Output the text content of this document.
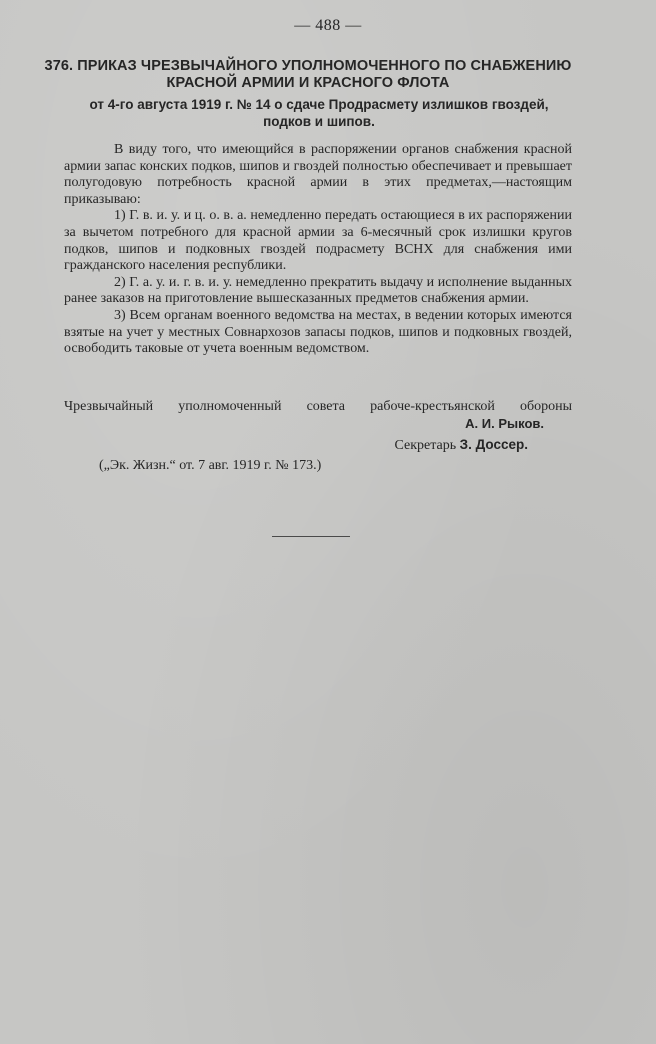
— 488 —
376. ПРИКАЗ ЧРЕЗВЫЧАЙНОГО УПОЛНОМОЧЕННОГО ПО СНАБЖЕНИЮ КРАСНОЙ АРМИИ И КРАСНОГО ФЛОТА
от 4-го августа 1919 г. № 14 о сдаче Продрасмету излишков гвоздей, подков и шипов.

В виду того, что имеющийся в распоряжении органов снабжения красной армии запас конских подков, шипов и гвоздей полностью обеспечивает и превышает полугодовую потребность красной армии в этих предметах,—настоящим приказываю:

1) Г. в. и. у. и ц. о. в. а. немедленно передать остающиеся в их распоряжении за вычетом потребного для красной армии за 6-месячный срок излишки кругов подков, шипов и подковных гвоздей подрасмету ВСНХ для снабжения ими гражданского населения республики.

2) Г. а. у. и. г. в. и. у. немедленно прекратить выдачу и исполнение выданных ранее заказов на приготовление вышесказанных предметов снабжения армии.

3) Всем органам военного ведомства на местах, в ведении которых имеются взятые на учет у местных Совнархозов запасы подков, шипов и подковных гвоздей, освободить таковые от учета военным ведомством.

Чрезвычайный уполномоченный совета рабоче-крестьянской обороны
А. И. Рыков.
Секретарь З. Доссер.
(„Эк. Жизн.“ от. 7 авг. 1919 г. № 173.)
